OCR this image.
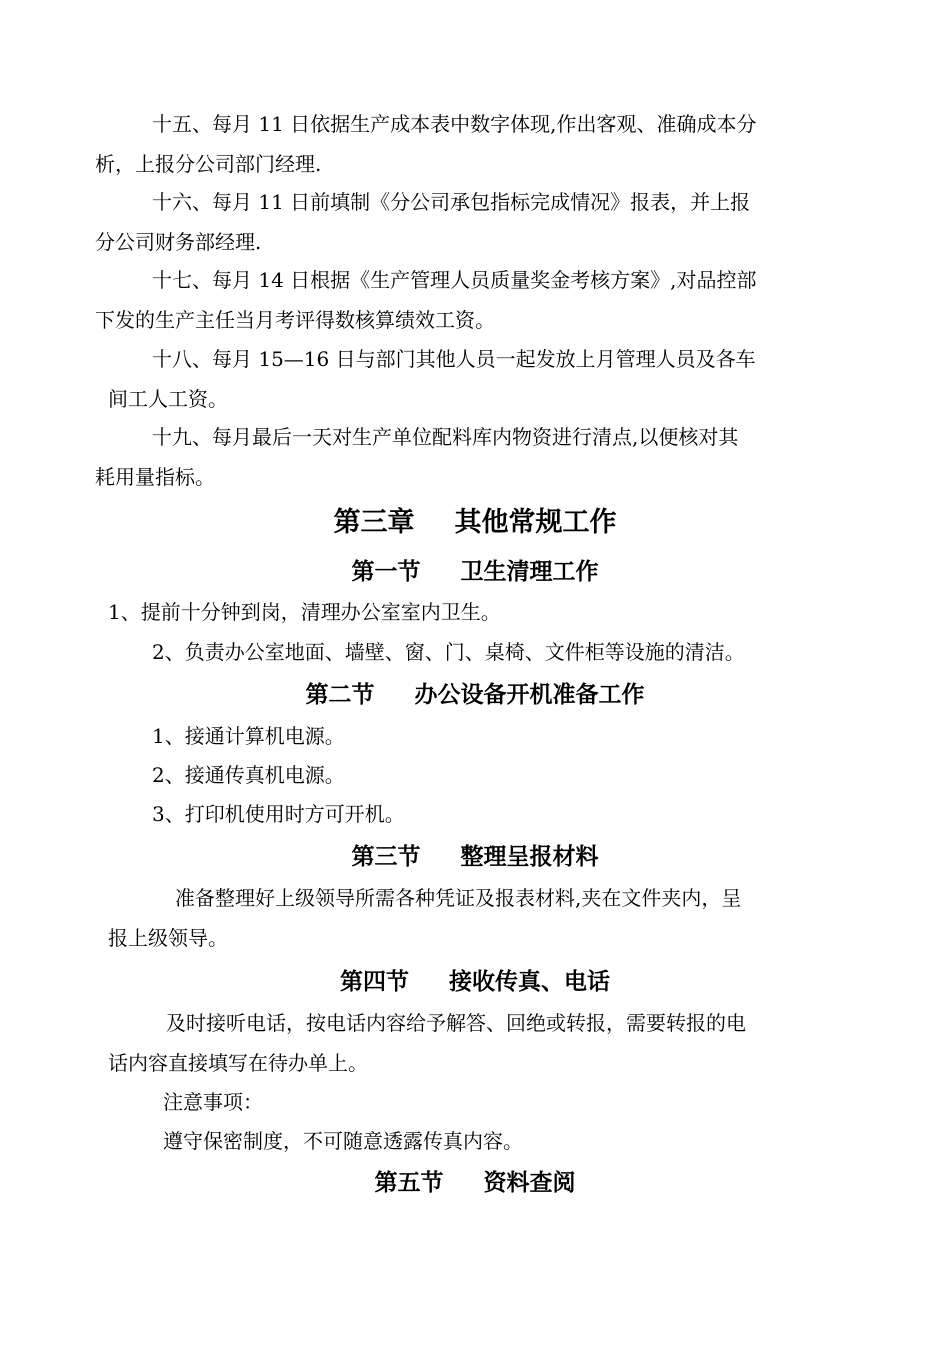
十五、每月 11 日依据生产成本表中数字体现,作出客观、准确成本分
析，上报分公司部门经理.
十六、每月 11 日前填制《分公司承包指标完成情况》报表，并上报
分公司财务部经理.
十七、每月 14 日根据《生产管理人员质量奖金考核方案》,对品控部
下发的生产主任当月考评得数核算绩效工资。
十八、每月 15—16 日与部门其他人员一起发放上月管理人员及各车
间工人工资。
十九、每月最后一天对生产单位配料库内物资进行清点,以便核对其
耗用量指标。
第三章 其他常规工作
第一节 卫生清理工作
1、提前十分钟到岗，清理办公室室内卫生。
2、负责办公室地面、墙壁、窗、门、桌椅、文件柜等设施的清洁。
第二节 办公设备开机准备工作
1、接通计算机电源。
2、接通传真机电源。
3、打印机使用时方可开机。
第三节 整理呈报材料
准备整理好上级领导所需各种凭证及报表材料,夹在文件夹内，呈
报上级领导。
第四节 接收传真、电话
及时接听电话，按电话内容给予解答、回绝或转报，需要转报的电
话内容直接填写在待办单上。
注意事项：
遵守保密制度，不可随意透露传真内容。
第五节 资料查阅
